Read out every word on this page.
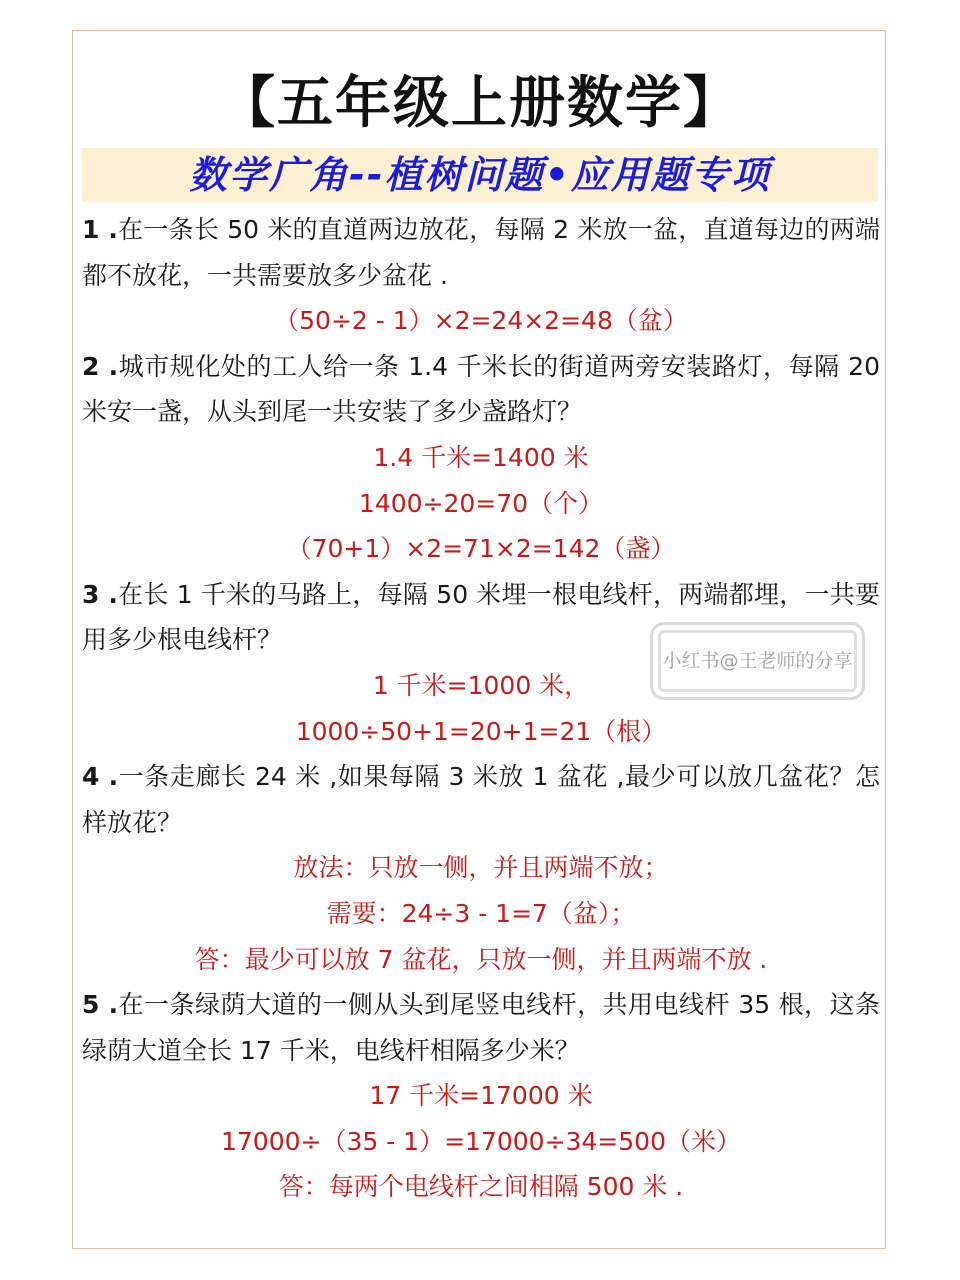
【五年级上册数学】
数学广角--植树问题•应用题专项

1 .在一条长 50 米的直道两边放花，每隔 2 米放一盆，直道每边的两端都不放花，一共需要放多少盆花 .

（50÷2 - 1）×2=24×2=48（盆）

2 .城市规化处的工人给一条 1.4 千米长的街道两旁安装路灯，每隔 20 米安一盏，从头到尾一共安装了多少盏路灯？

1.4 千米=1400 米

1400÷20=70（个）

（70+1）×2=71×2=142（盏）

3 .在长 1 千米的马路上，每隔 50 米埋一根电线杆，两端都埋，一共要用多少根电线杆？

1 千米=1000 米，

1000÷50+1=20+1=21（根）

4 .一条走廊长 24 米 ,如果每隔 3 米放 1 盆花 ,最少可以放几盆花？怎样放花？

放法：只放一侧，并且两端不放；

需要：24÷3 - 1=7（盆）；

答：最少可以放 7 盆花，只放一侧，并且两端不放 .

5 .在一条绿荫大道的一侧从头到尾竖电线杆，共用电线杆 35 根，这条绿荫大道全长 17 千米，电线杆相隔多少米？

17 千米=17000 米

17000÷（35 - 1）=17000÷34=500（米）

答：每两个电线杆之间相隔 500 米 .

小红书@王老师的分享
